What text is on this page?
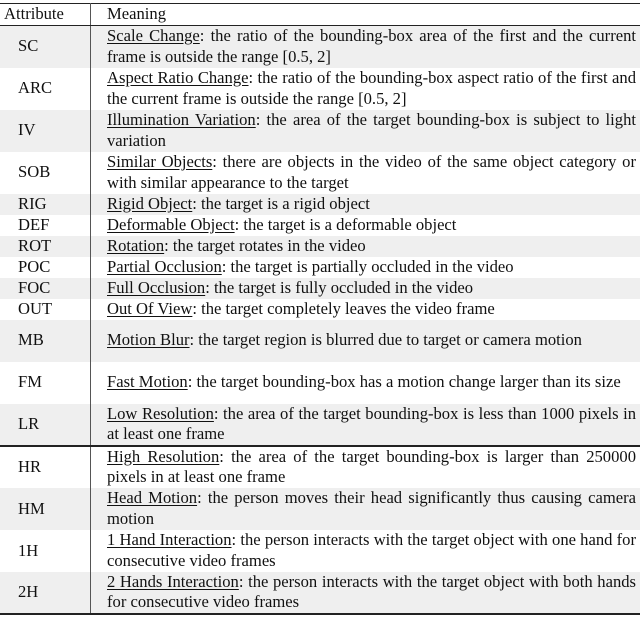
Attribute	Meaning
SC	Scale Change: the ratio of the bounding-box area of the first and the current frame is outside the range [0.5, 2]
ARC	Aspect Ratio Change: the ratio of the bounding-box aspect ratio of the first and the current frame is outside the range [0.5, 2]
IV	Illumination Variation: the area of the target bounding-box is subject to light variation
SOB	Similar Objects: there are objects in the video of the same object category or with similar appearance to the target
RIG	Rigid Object: the target is a rigid object
DEF	Deformable Object: the target is a deformable object
ROT	Rotation: the target rotates in the video
POC	Partial Occlusion: the target is partially occluded in the video
FOC	Full Occlusion: the target is fully occluded in the video
OUT	Out Of View: the target completely leaves the video frame
MB	Motion Blur: the target region is blurred due to target or camera motion
FM	Fast Motion: the target bounding-box has a motion change larger than its size
LR	Low Resolution: the area of the target bounding-box is less than 1000 pixels in at least one frame
HR	High Resolution: the area of the target bounding-box is larger than 250000 pixels in at least one frame
HM	Head Motion: the person moves their head significantly thus causing camera motion
1H	1 Hand Interaction: the person interacts with the target object with one hand for consecutive video frames
2H	2 Hands Interaction: the person interacts with the target object with both hands for consecutive video frames
